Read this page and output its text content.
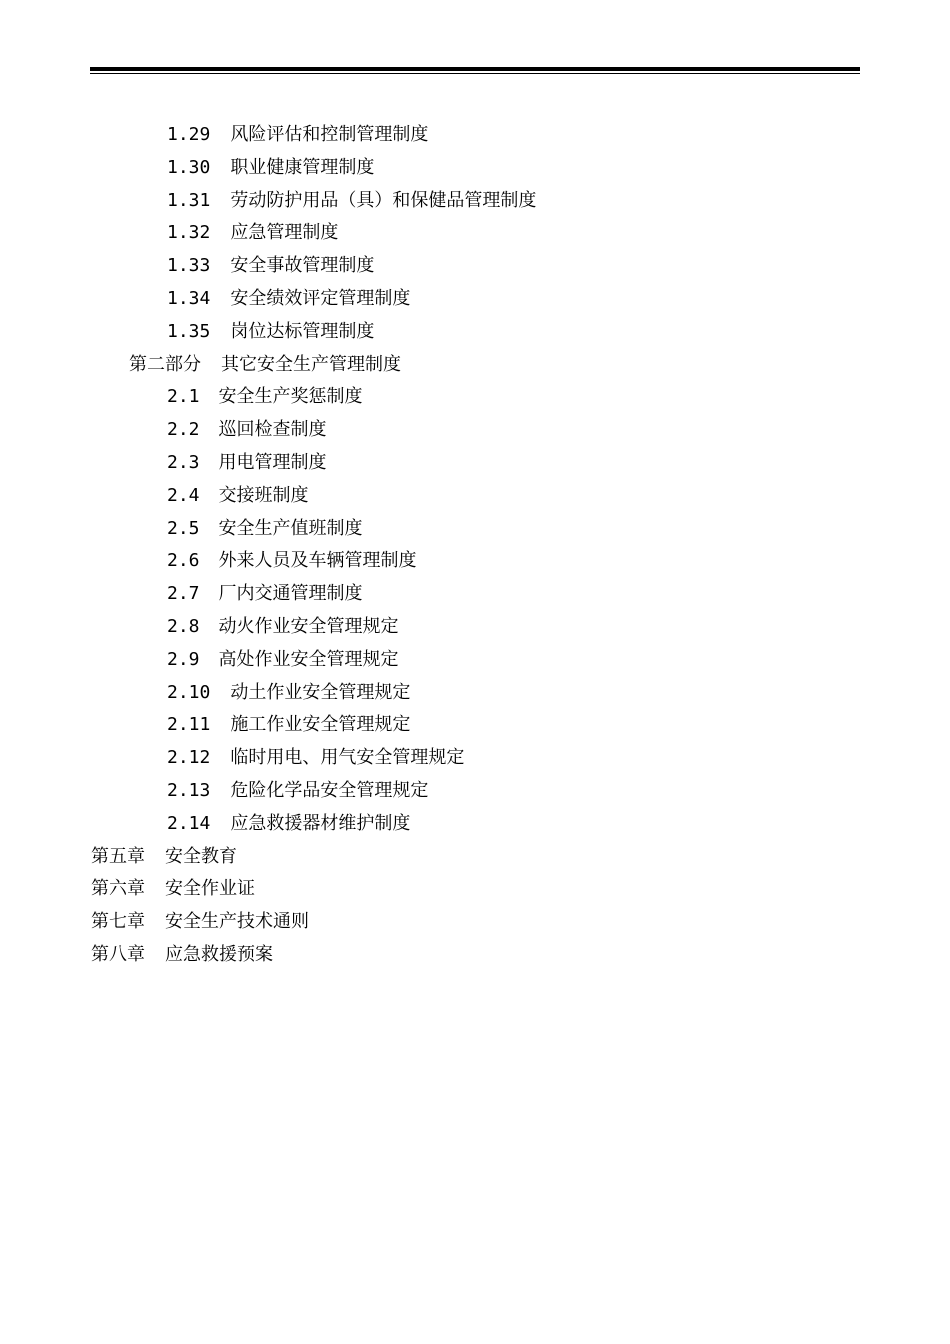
1.29 风险评估和控制管理制度
1.30 职业健康管理制度
1.31 劳动防护用品（具）和保健品管理制度
1.32 应急管理制度
1.33 安全事故管理制度
1.34 安全绩效评定管理制度
1.35 岗位达标管理制度
第二部分 其它安全生产管理制度
2.1 安全生产奖惩制度
2.2 巡回检查制度
2.3 用电管理制度
2.4 交接班制度
2.5 安全生产值班制度
2.6 外来人员及车辆管理制度
2.7 厂内交通管理制度
2.8 动火作业安全管理规定
2.9 高处作业安全管理规定
2.10 动土作业安全管理规定
2.11 施工作业安全管理规定
2.12 临时用电、用气安全管理规定
2.13 危险化学品安全管理规定
2.14 应急救援器材维护制度
第五章 安全教育
第六章 安全作业证
第七章 安全生产技术通则
第八章 应急救援预案
